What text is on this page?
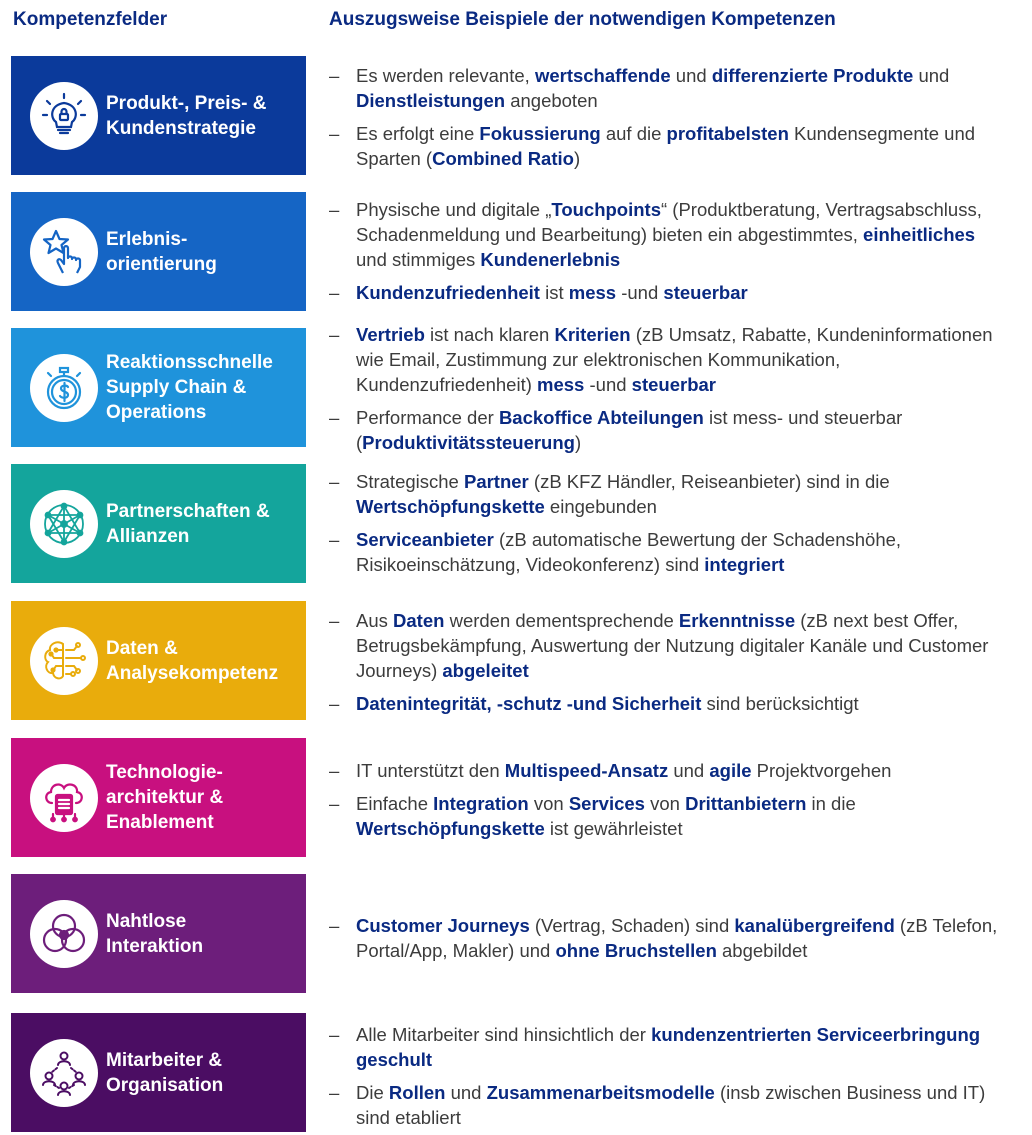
Kompetenzfelder	Auszugsweise Beispiele der notwendigen Kompetenzen
Produkt-, Preis- &
Kundenstrategie
– Es werden relevante, wertschaffende und differenzierte Produkte und Dienstleistungen angeboten
– Es erfolgt eine Fokussierung auf die profitabelsten Kundensegmente und Sparten (Combined Ratio)
Erlebnis-
orientierung
– Physische und digitale „Touchpoints“ (Produktberatung, Vertragsabschluss, Schadenmeldung und Bearbeitung) bieten ein abgestimmtes, einheitliches und stimmiges Kundenerlebnis
– Kundenzufriedenheit ist mess -und steuerbar
Reaktionsschnelle
Supply Chain &
Operations
– Vertrieb ist nach klaren Kriterien (zB Umsatz, Rabatte, Kundeninformationen wie Email, Zustimmung zur elektronischen Kommunikation, Kundenzufriedenheit) mess -und steuerbar
– Performance der Backoffice Abteilungen ist mess- und steuerbar (Produktivitätssteuerung)
Partnerschaften &
Allianzen
– Strategische Partner (zB KFZ Händler, Reiseanbieter) sind in die Wertschöpfungskette eingebunden
– Serviceanbieter (zB automatische Bewertung der Schadenshöhe, Risikoeinschätzung, Videokonferenz) sind integriert
Daten &
Analysekompetenz
– Aus Daten werden dementsprechende Erkenntnisse (zB next best Offer, Betrugsbekämpfung, Auswertung der Nutzung digitaler Kanäle und Customer Journeys) abgeleitet
– Datenintegrität, -schutz -und Sicherheit sind berücksichtigt
Technologie-
architektur &
Enablement
– IT unterstützt den Multispeed-Ansatz und agile Projektvorgehen
– Einfache Integration von Services von Drittanbietern in die Wertschöpfungskette ist gewährleistet
Nahtlose
Interaktion
– Customer Journeys (Vertrag, Schaden) sind kanalübergreifend (zB Telefon, Portal/App, Makler) und ohne Bruchstellen abgebildet
Mitarbeiter &
Organisation
– Alle Mitarbeiter sind hinsichtlich der kundenzentrierten Serviceerbringung geschult
– Die Rollen und Zusammenarbeitsmodelle (insb zwischen Business und IT) sind etabliert
